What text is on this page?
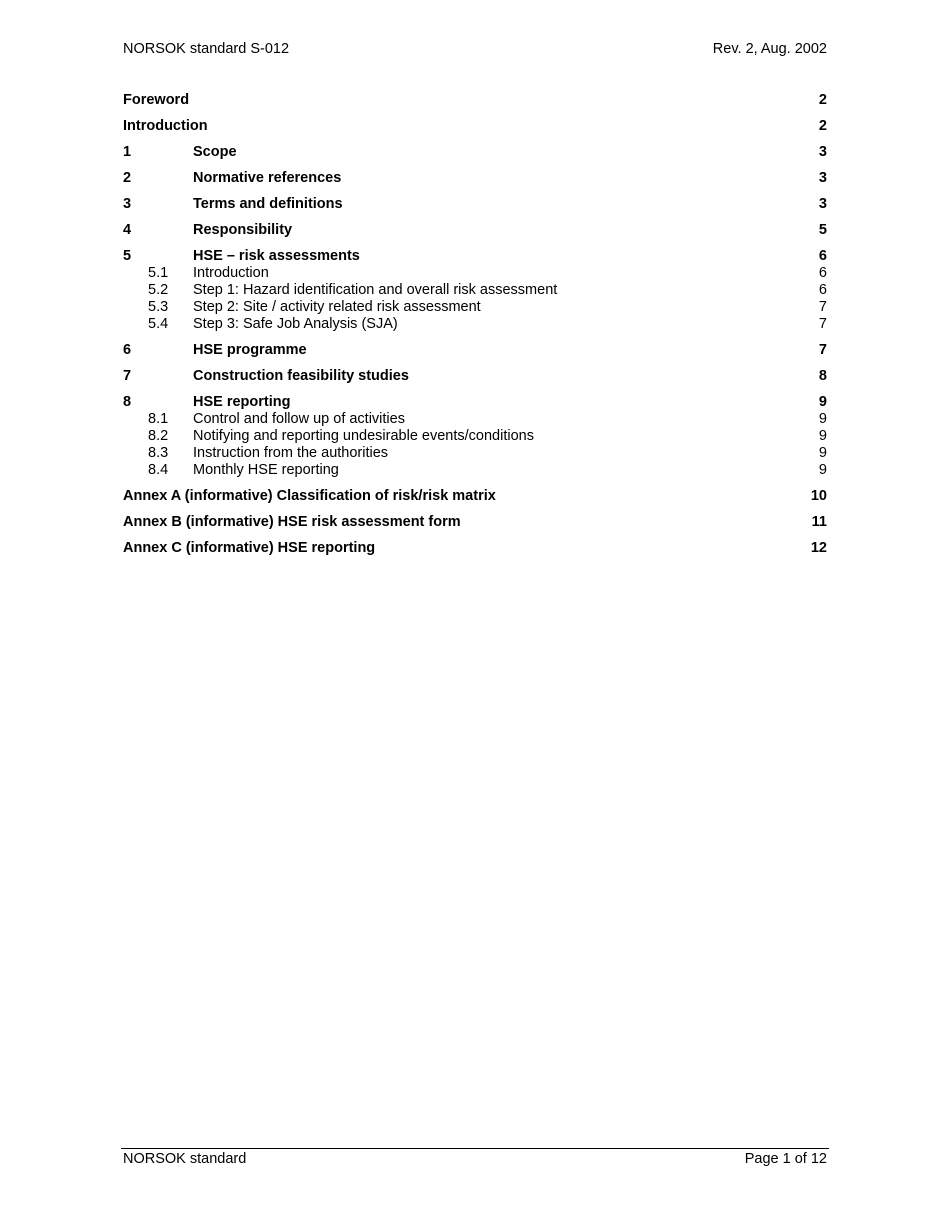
NORSOK standard S-012	Rev. 2, Aug. 2002
Foreword	2
Introduction	2
1	Scope	3
2	Normative references	3
3	Terms and definitions	3
4	Responsibility	5
5	HSE – risk assessments	6
5.1	Introduction	6
5.2	Step 1: Hazard identification and overall risk assessment	6
5.3	Step 2: Site / activity related risk assessment	7
5.4	Step 3: Safe Job Analysis (SJA)	7
6	HSE programme	7
7	Construction feasibility studies	8
8	HSE reporting	9
8.1	Control and follow up of activities	9
8.2	Notifying and reporting undesirable events/conditions	9
8.3	Instruction from the authorities	9
8.4	Monthly HSE reporting	9
Annex A (informative) Classification of risk/risk matrix	10
Annex B (informative) HSE risk assessment form	11
Annex C (informative) HSE reporting	12
NORSOK standard	Page 1 of 12
